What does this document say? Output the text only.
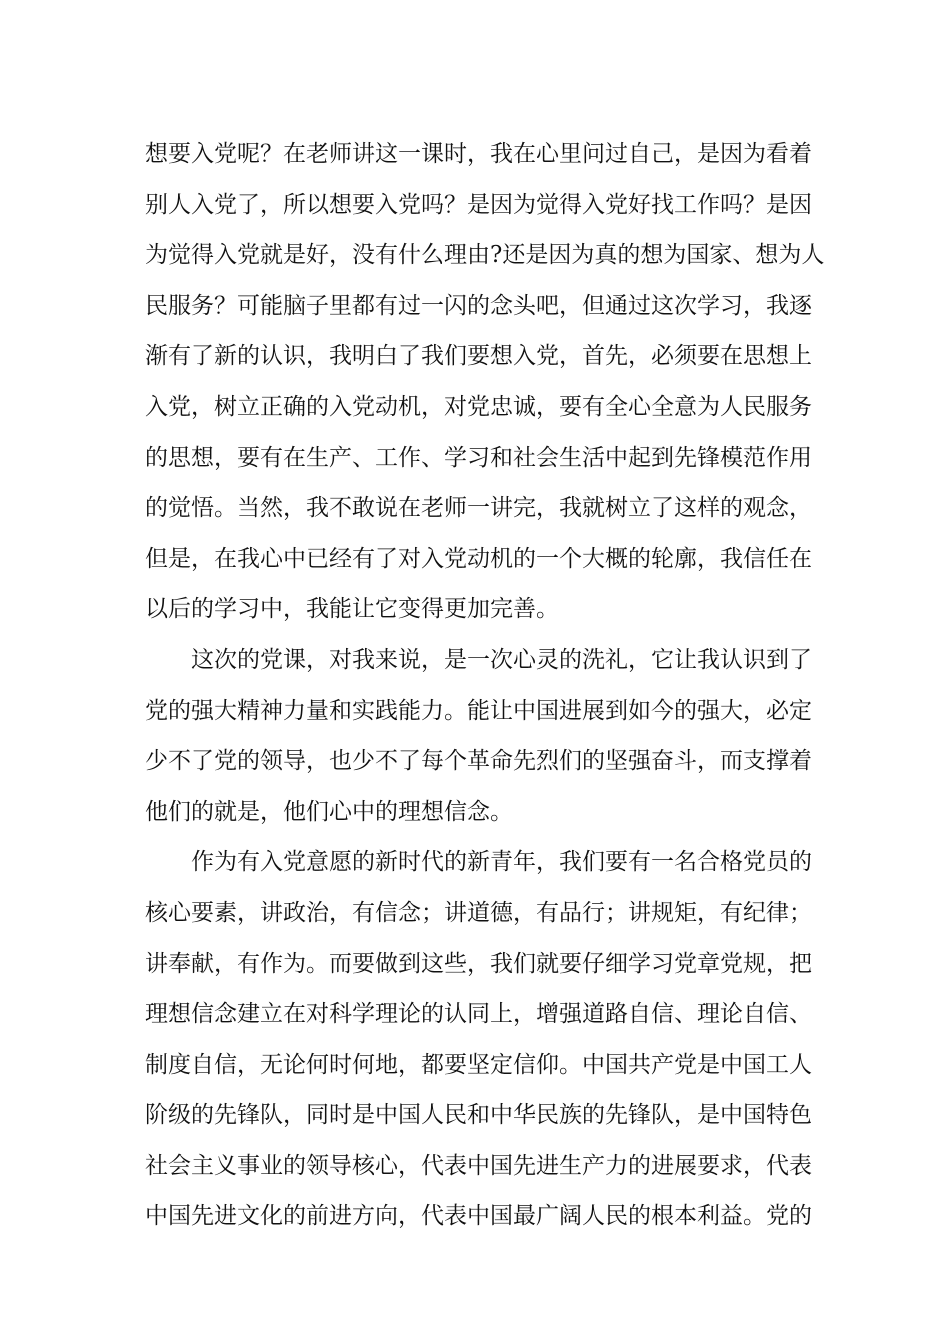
想要入党呢？在老师讲这一课时，我在心里问过自己，是因为看着
别人入党了，所以想要入党吗？是因为觉得入党好找工作吗？是因
为觉得入党就是好，没有什么理由?还是因为真的想为国家、想为人
民服务？可能脑子里都有过一闪的念头吧，但通过这次学习，我逐
渐有了新的认识，我明白了我们要想入党，首先，必须要在思想上
入党，树立正确的入党动机，对党忠诚，要有全心全意为人民服务
的思想，要有在生产、工作、学习和社会生活中起到先锋模范作用
的觉悟。当然，我不敢说在老师一讲完，我就树立了这样的观念，
但是，在我心中已经有了对入党动机的一个大概的轮廓，我信任在
以后的学习中，我能让它变得更加完善。
这次的党课，对我来说，是一次心灵的洗礼，它让我认识到了
党的强大精神力量和实践能力。能让中国进展到如今的强大，必定
少不了党的领导，也少不了每个革命先烈们的坚强奋斗，而支撑着
他们的就是，他们心中的理想信念。
作为有入党意愿的新时代的新青年，我们要有一名合格党员的
核心要素，讲政治，有信念；讲道德，有品行；讲规矩，有纪律；
讲奉献，有作为。而要做到这些，我们就要仔细学习党章党规，把
理想信念建立在对科学理论的认同上，增强道路自信、理论自信、
制度自信，无论何时何地，都要坚定信仰。中国共产党是中国工人
阶级的先锋队，同时是中国人民和中华民族的先锋队，是中国特色
社会主义事业的领导核心，代表中国先进生产力的进展要求，代表
中国先进文化的前进方向，代表中国最广阔人民的根本利益。党的
